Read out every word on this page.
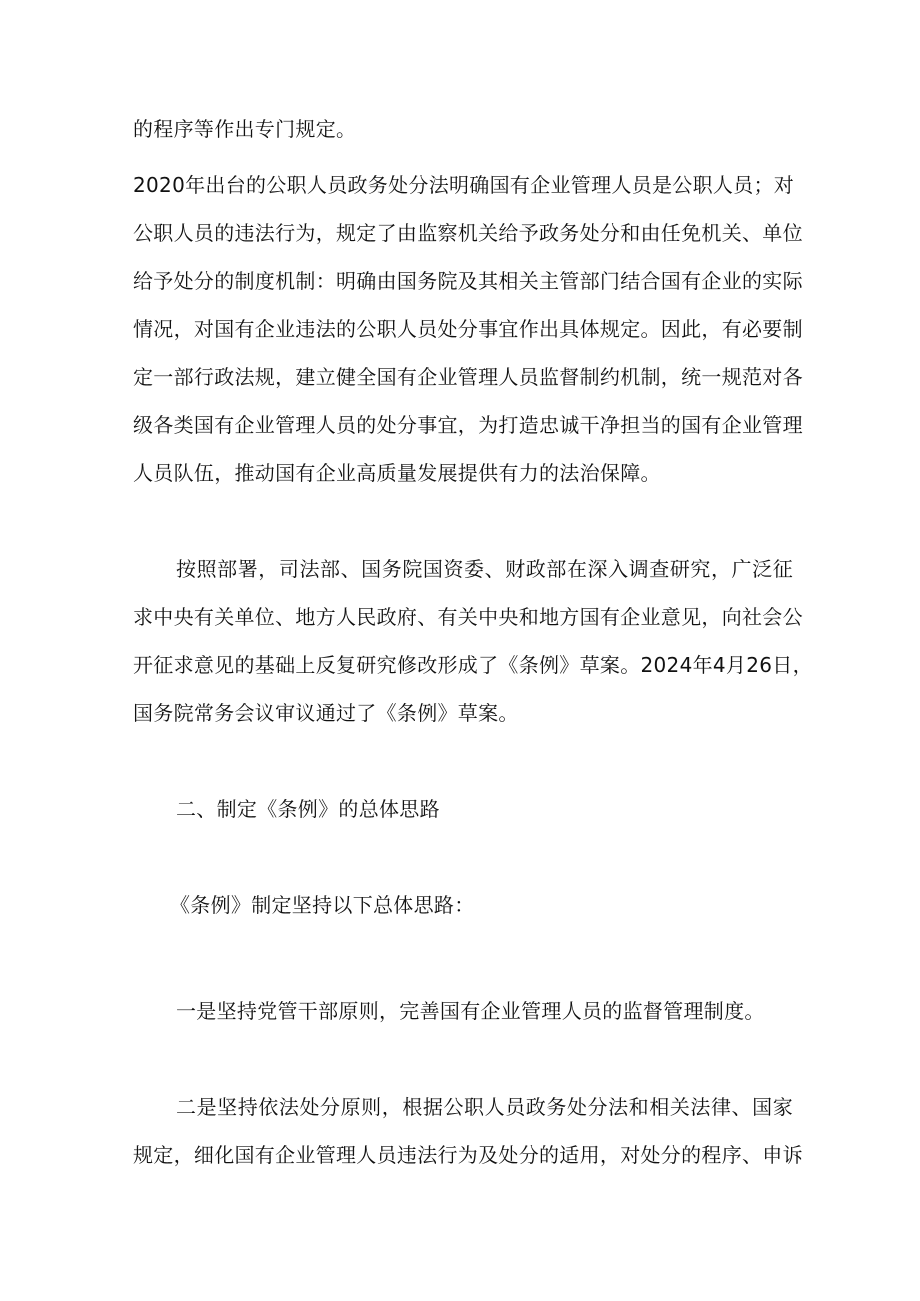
的程序等作出专门规定。
2020年出台的公职人员政务处分法明确国有企业管理人员是公职人员；对
公职人员的违法行为，规定了由监察机关给予政务处分和由任免机关、单位
给予处分的制度机制：明确由国务院及其相关主管部门结合国有企业的实际
情况，对国有企业违法的公职人员处分事宜作出具体规定。因此，有必要制
定一部行政法规，建立健全国有企业管理人员监督制约机制，统一规范对各
级各类国有企业管理人员的处分事宜，为打造忠诚干净担当的国有企业管理
人员队伍，推动国有企业高质量发展提供有力的法治保障。
按照部署，司法部、国务院国资委、财政部在深入调查研究，广泛征
求中央有关单位、地方人民政府、有关中央和地方国有企业意见，向社会公
开征求意见的基础上反复研究修改形成了《条例》草案。2024年4月26日，
国务院常务会议审议通过了《条例》草案。
二、制定《条例》的总体思路
《条例》制定坚持以下总体思路：
一是坚持党管干部原则，完善国有企业管理人员的监督管理制度。
二是坚持依法处分原则，根据公职人员政务处分法和相关法律、国家
规定，细化国有企业管理人员违法行为及处分的适用，对处分的程序、申诉
